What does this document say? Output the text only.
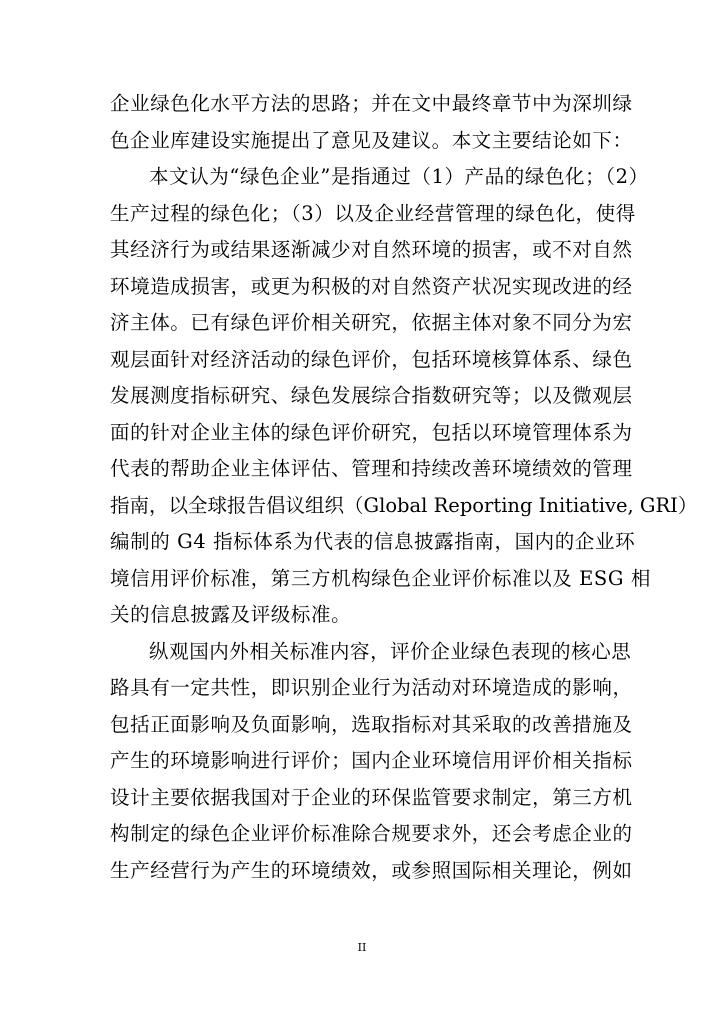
企业绿色化水平方法的思路；并在文中最终章节中为深圳绿
色企业库建设实施提出了意见及建议。本文主要结论如下：
本文认为“绿色企业”是指通过（1）产品的绿色化；（2）
生产过程的绿色化；（3）以及企业经营管理的绿色化，使得
其经济行为或结果逐渐减少对自然环境的损害，或不对自然
环境造成损害，或更为积极的对自然资产状况实现改进的经
济主体。已有绿色评价相关研究，依据主体对象不同分为宏
观层面针对经济活动的绿色评价，包括环境核算体系、绿色
发展测度指标研究、绿色发展综合指数研究等；以及微观层
面的针对企业主体的绿色评价研究，包括以环境管理体系为
代表的帮助企业主体评估、管理和持续改善环境绩效的管理
指南，以全球报告倡议组织（Global Reporting Initiative, GRI）
编制的 G4 指标体系为代表的信息披露指南，国内的企业环
境信用评价标准，第三方机构绿色企业评价标准以及 ESG 相
关的信息披露及评级标准。
纵观国内外相关标准内容，评价企业绿色表现的核心思
路具有一定共性，即识别企业行为活动对环境造成的影响，
包括正面影响及负面影响，选取指标对其采取的改善措施及
产生的环境影响进行评价；国内企业环境信用评价相关指标
设计主要依据我国对于企业的环保监管要求制定，第三方机
构制定的绿色企业评价标准除合规要求外，还会考虑企业的
生产经营行为产生的环境绩效，或参照国际相关理论，例如
II
